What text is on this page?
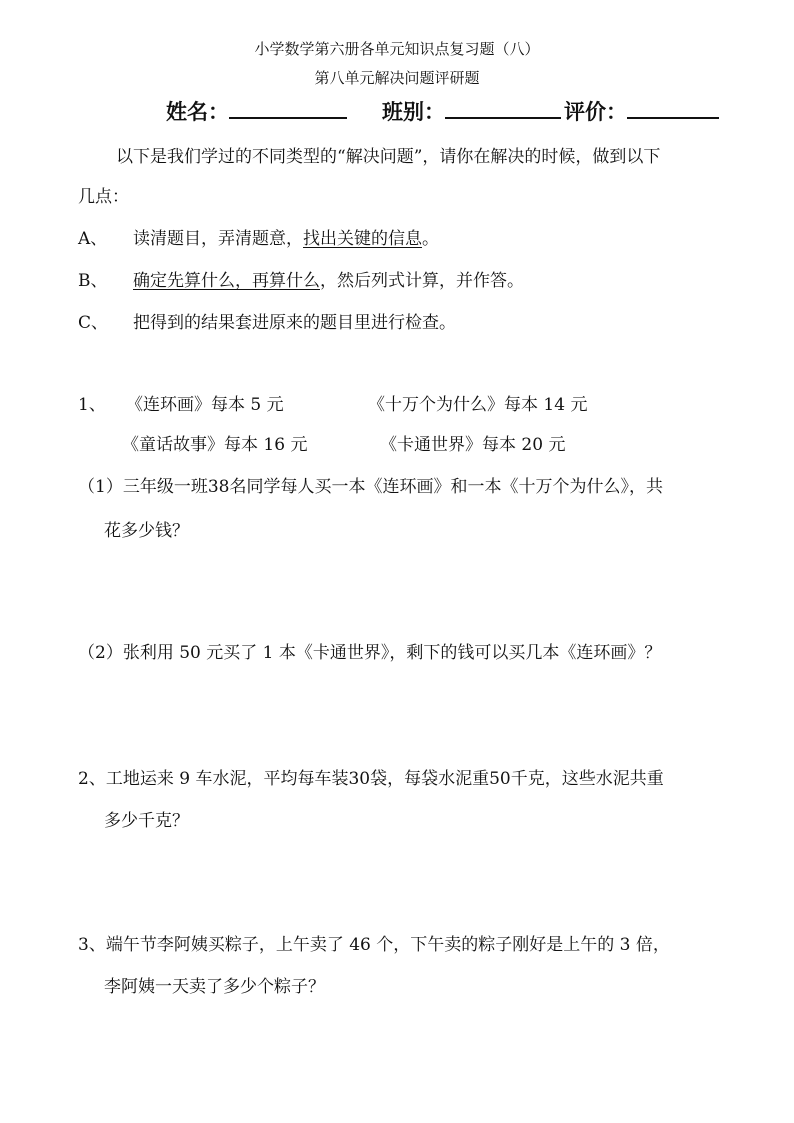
小学数学第六册各单元知识点复习题（八）
第八单元解决问题评研题
姓名：	班别：	评价：
以下是我们学过的不同类型的“解决问题”，请你在解决的时候，做到以下
几点：
A、 读清题目，弄清题意，找出关键的信息。
B、 确定先算什么，再算什么，然后列式计算，并作答。
C、 把得到的结果套进原来的题目里进行检查。
1、 《连环画》每本 5 元	《十万个为什么》每本 14 元
《童话故事》每本 16 元	《卡通世界》每本 20 元
（1）三年级一班38名同学每人买一本《连环画》和一本《十万个为什么》，共
花多少钱？
（2）张利用 50 元买了 1 本《卡通世界》，剩下的钱可以买几本《连环画》？
2、工地运来 9 车水泥，平均每车装30袋，每袋水泥重50千克，这些水泥共重
多少千克？
3、端午节李阿姨买粽子，上午卖了 46 个，下午卖的粽子刚好是上午的 3 倍，
李阿姨一天卖了多少个粽子？
